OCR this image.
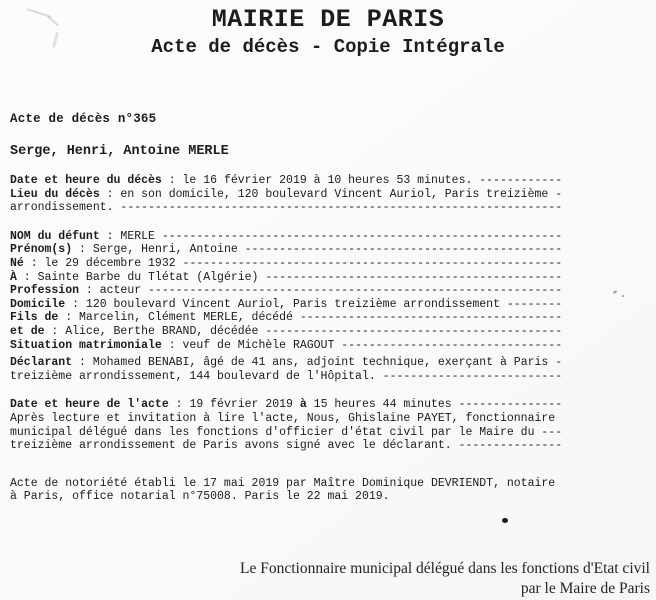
MAIRIE DE PARIS
Acte de décès - Copie Intégrale
Acte de décès n°365
Serge, Henri, Antoine MERLE
Date et heure du décès : le 16 février 2019 à 10 heures 53 minutes. ------------
Lieu du décès : en son domicile, 120 boulevard Vincent Auriol, Paris treizième -
arrondissement. ----------------------------------------------------------------
NOM du défunt : MERLE ----------------------------------------------------------
Prénom(s) : Serge, Henri, Antoine ----------------------------------------------
Né : le 29 décembre 1932 -------------------------------------------------------
À : Sainte Barbe du Tlétat (Algérie) -------------------------------------------
Profession : acteur ------------------------------------------------------------
Domicile : 120 boulevard Vincent Auriol, Paris treizième arrondissement --------
Fils de : Marcelin, Clément MERLE, décédé --------------------------------------
et de : Alice, Berthe BRAND, décédée -------------------------------------------
Situation matrimoniale : veuf de Michèle RAGOUT --------------------------------
Déclarant : Mohamed BENABI, âgé de 41 ans, adjoint technique, exerçant à Paris -
treizième arrondissement, 144 boulevard de l'Hôpital. --------------------------
Date et heure de l'acte : 19 février 2019 à 15 heures 44 minutes ---------------
Après lecture et invitation à lire l'acte, Nous, Ghislaine PAYET, fonctionnaire
municipal délégué dans les fonctions d'officier d'état civil par le Maire du ---
treizième arrondissement de Paris avons signé avec le déclarant. ---------------
Acte de notoriété établi le 17 mai 2019 par Maître Dominique DEVRIENDT, notaire
à Paris, office notarial n°75008. Paris le 22 mai 2019.
Le Fonctionnaire municipal délégué dans les fonctions d'Etat civil
par le Maire de Paris
